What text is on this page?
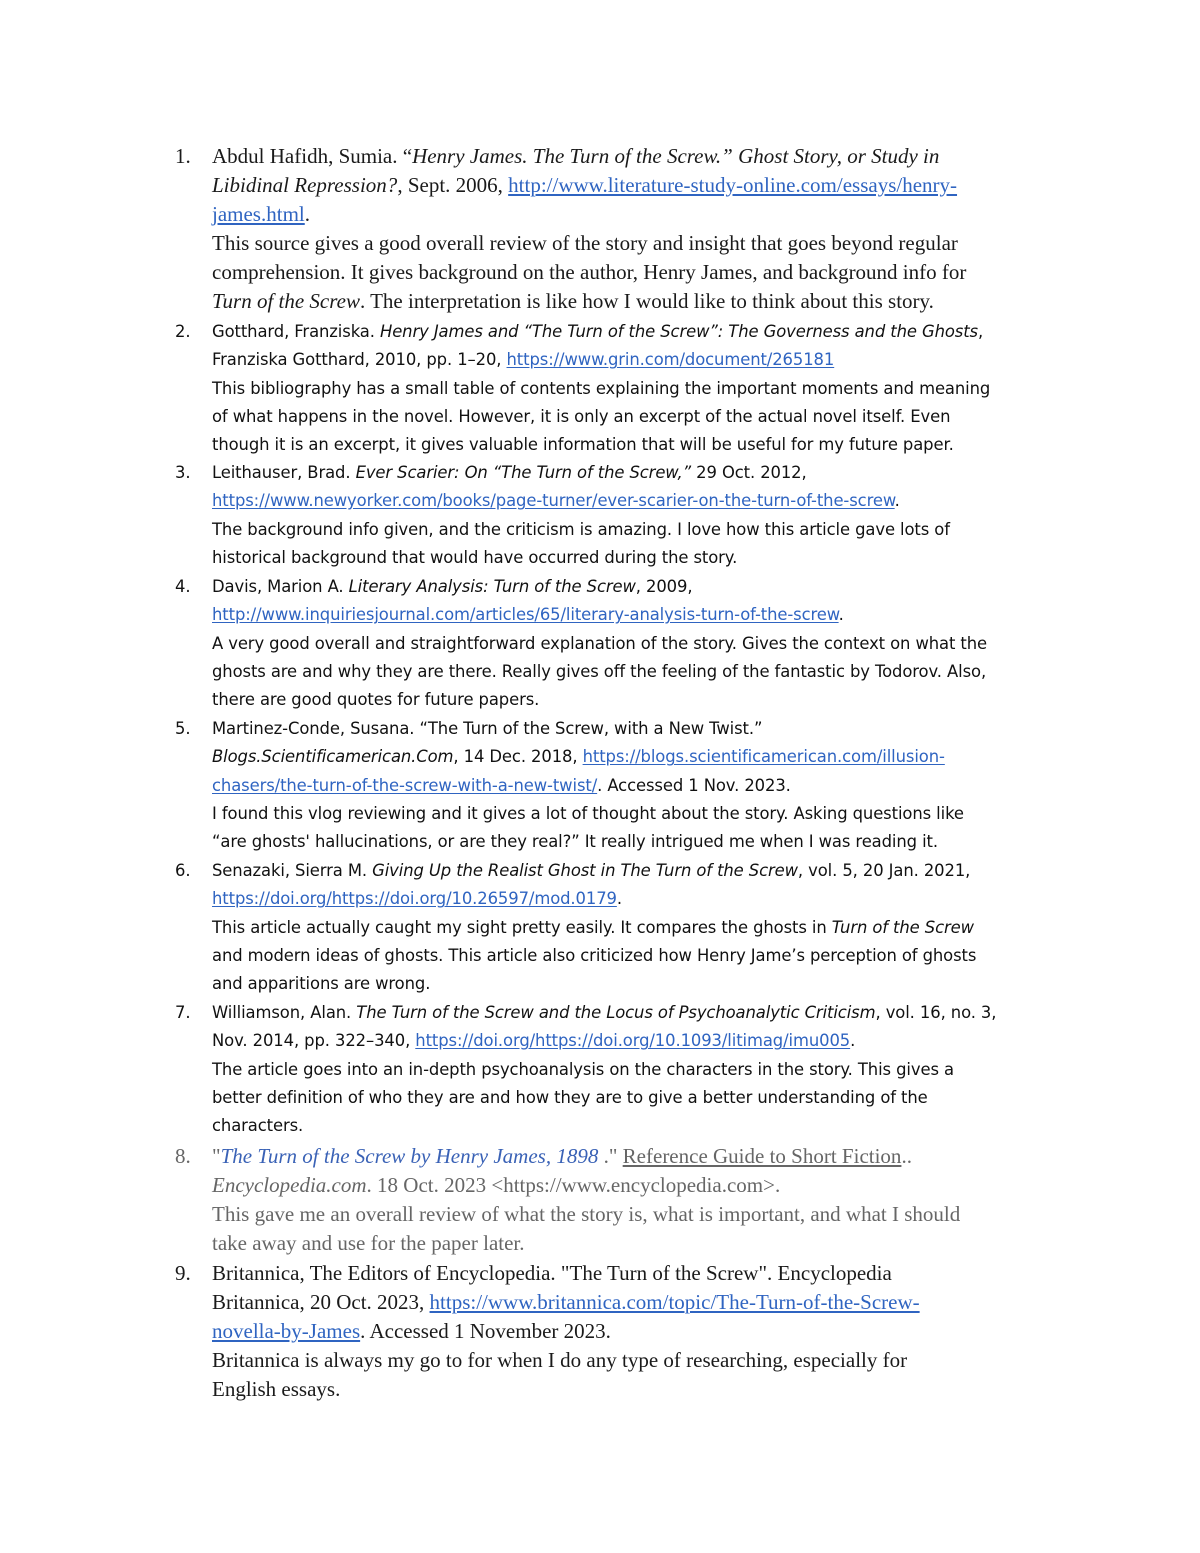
1. Abdul Hafidh, Sumia. “Henry James. The Turn of the Screw.” Ghost Story, or Study in
Libidinal Repression?, Sept. 2006, http://www.literature-study-online.com/essays/henry-
james.html.
This source gives a good overall review of the story and insight that goes beyond regular
comprehension. It gives background on the author, Henry James, and background info for
Turn of the Screw. The interpretation is like how I would like to think about this story.
2. Gotthard, Franziska. Henry James and “The Turn of the Screw”: The Governess and the Ghosts,
Franziska Gotthard, 2010, pp. 1–20, https://www.grin.com/document/265181
This bibliography has a small table of contents explaining the important moments and meaning
of what happens in the novel. However, it is only an excerpt of the actual novel itself. Even
though it is an excerpt, it gives valuable information that will be useful for my future paper.
3. Leithauser, Brad. Ever Scarier: On “The Turn of the Screw,” 29 Oct. 2012,
https://www.newyorker.com/books/page-turner/ever-scarier-on-the-turn-of-the-screw.
The background info given, and the criticism is amazing. I love how this article gave lots of
historical background that would have occurred during the story.
4. Davis, Marion A. Literary Analysis: Turn of the Screw, 2009,
http://www.inquiriesjournal.com/articles/65/literary-analysis-turn-of-the-screw.
A very good overall and straightforward explanation of the story. Gives the context on what the
ghosts are and why they are there. Really gives off the feeling of the fantastic by Todorov. Also,
there are good quotes for future papers.
5. Martinez-Conde, Susana. “The Turn of the Screw, with a New Twist.”
Blogs.Scientificamerican.Com, 14 Dec. 2018, https://blogs.scientificamerican.com/illusion-
chasers/the-turn-of-the-screw-with-a-new-twist/. Accessed 1 Nov. 2023.
I found this vlog reviewing and it gives a lot of thought about the story. Asking questions like
“are ghosts' hallucinations, or are they real?” It really intrigued me when I was reading it.
6. Senazaki, Sierra M. Giving Up the Realist Ghost in The Turn of the Screw, vol. 5, 20 Jan. 2021,
https://doi.org/https://doi.org/10.26597/mod.0179.
This article actually caught my sight pretty easily. It compares the ghosts in Turn of the Screw
and modern ideas of ghosts. This article also criticized how Henry Jame’s perception of ghosts
and apparitions are wrong.
7. Williamson, Alan. The Turn of the Screw and the Locus of Psychoanalytic Criticism, vol. 16, no. 3,
Nov. 2014, pp. 322–340, https://doi.org/https://doi.org/10.1093/litimag/imu005.
The article goes into an in-depth psychoanalysis on the characters in the story. This gives a
better definition of who they are and how they are to give a better understanding of the
characters.
8. "The Turn of the Screw by Henry James, 1898 ." Reference Guide to Short Fiction..
Encyclopedia.com. 18 Oct. 2023 <https://www.encyclopedia.com>.
This gave me an overall review of what the story is, what is important, and what I should
take away and use for the paper later.
9. Britannica, The Editors of Encyclopedia. "The Turn of the Screw". Encyclopedia
Britannica, 20 Oct. 2023, https://www.britannica.com/topic/The-Turn-of-the-Screw-
novella-by-James. Accessed 1 November 2023.
Britannica is always my go to for when I do any type of researching, especially for
English essays.
